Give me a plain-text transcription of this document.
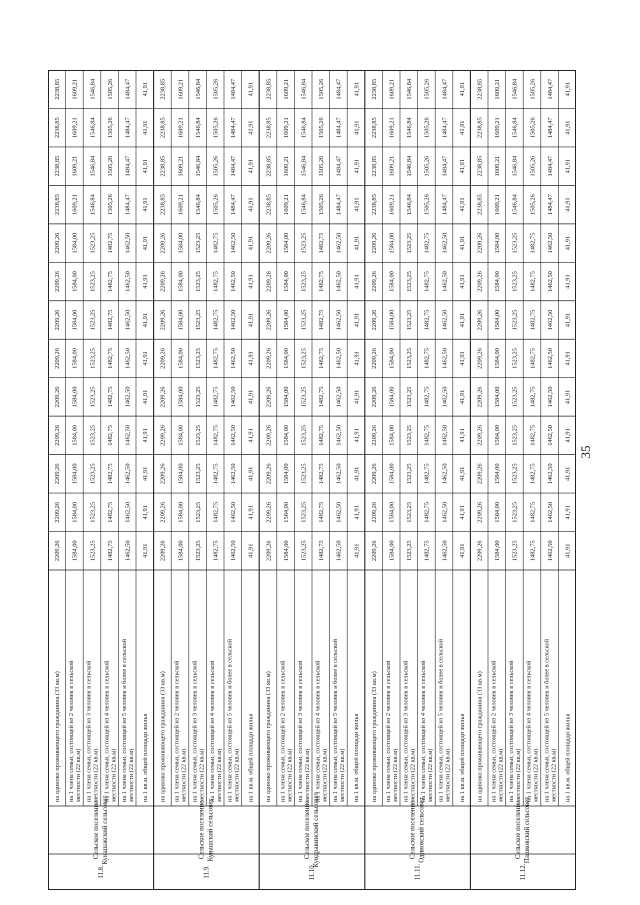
Сельское поселение Кунашакский сельсовет
11.8.
на одиноко проживающего гражданина (33 кв.м)
2209,26
2209,26
2209,26
2209,26
2209,26
2209,26
2209,26
2209,26
2209,26
2238,85
2238,85
2238,85
2238,85
на 1 члена семьи, состоящей из 2 человек в сельской местности (22 кв.м)
1584,00
1584,00
1584,00
1584,00
1584,00
1584,00
1584,00
1584,00
1584,00
1609,21
1609,21
1609,21
1609,21
на 1 члена семьи, состоящей из 3 человек в сельской местности (22 кв.м)
1523,25
1523,25
1523,25
1523,25
1523,25
1523,25
1523,25
1523,25
1523,25
1546,84
1546,84
1546,84
1546,84
на 1 члена семьи, состоящей из 4 человек в сельской местности (22 кв.м)
1482,75
1482,75
1482,75
1482,75
1482,75
1482,75
1482,75
1482,75
1482,75
1505,26
1505,26
1505,26
1505,26
на 1 члена семьи, состоящей из 5 человек и более в сельской местности (22 кв.м)
1462,50
1462,50
1462,50
1462,50
1462,50
1462,50
1462,50
1462,50
1462,50
1484,47
1484,47
1484,47
1484,47
на 1 кв.м. общей площади жилья
41,91
41,91
41,91
41,91
41,91
41,91
41,91
41,91
41,91
41,91
41,91
41,91
41,91
Сельское поселение Кунашский сельсовет
11.9.
на одиноко проживающего гражданина (33 кв.м)
2209,26
2209,26
2209,26
2209,26
2209,26
2209,26
2209,26
2209,26
2209,26
2238,85
2238,85
2238,85
2238,85
на 1 члена семьи, состоящей из 2 человек в сельской местности (22 кв.м)
1584,00
1584,00
1584,00
1584,00
1584,00
1584,00
1584,00
1584,00
1584,00
1609,21
1609,21
1609,21
1609,21
на 1 члена семьи, состоящей из 3 человек в сельской местности (22 кв.м)
1523,25
1523,25
1523,25
1523,25
1523,25
1523,25
1523,25
1523,25
1523,25
1546,84
1546,84
1546,84
1546,84
на 1 члена семьи, состоящей из 4 человек в сельской местности (22 кв.м)
1482,75
1482,75
1482,75
1482,75
1482,75
1482,75
1482,75
1482,75
1482,75
1505,26
1505,26
1505,26
1505,26
на 1 члена семьи, состоящей из 5 человек и более в сельской местности (22 кв.м)
1462,50
1462,50
1462,50
1462,50
1462,50
1462,50
1462,50
1462,50
1462,50
1484,47
1484,47
1484,47
1484,47
на 1 кв.м. общей площади жилья
41,91
41,91
41,91
41,91
41,91
41,91
41,91
41,91
41,91
41,91
41,91
41,91
41,91
Сельское поселение Кундравинский сельсовет
11.10.
на одиноко проживающего гражданина (33 кв.м)
2209,26
2209,26
2209,26
2209,26
2209,26
2209,26
2209,26
2209,26
2209,26
2238,85
2238,85
2238,85
2238,85
на 1 члена семьи, состоящей из 2 человек в сельской местности (22 кв.м)
1584,00
1584,00
1584,00
1584,00
1584,00
1584,00
1584,00
1584,00
1584,00
1609,21
1609,21
1609,21
1609,21
на 1 члена семьи, состоящей из 3 человек в сельской местности (22 кв.м)
1523,25
1523,25
1523,25
1523,25
1523,25
1523,25
1523,25
1523,25
1523,25
1546,84
1546,84
1546,84
1546,84
на 1 члена семьи, состоящей из 4 человек в сельской местности (22 кв.м)
1482,75
1482,75
1482,75
1482,75
1482,75
1482,75
1482,75
1482,75
1482,75
1505,26
1505,26
1505,26
1505,26
на 1 члена семьи, состоящей из 5 человек и более в сельской местности (22 кв.м)
1462,50
1462,50
1462,50
1462,50
1462,50
1462,50
1462,50
1462,50
1462,50
1484,47
1484,47
1484,47
1484,47
на 1 кв.м. общей площади жилья
41,91
41,91
41,91
41,91
41,91
41,91
41,91
41,91
41,91
41,91
41,91
41,91
41,91
Сельское поселение Одинокский сельсовет
11.11.
на одиноко проживающего гражданина (33 кв.м)
2209,26
2209,26
2209,26
2209,26
2209,26
2209,26
2209,26
2209,26
2209,26
2238,85
2238,85
2238,85
2238,85
на 1 члена семьи, состоящей из 2 человек в сельской местности (22 кв.м)
1584,00
1584,00
1584,00
1584,00
1584,00
1584,00
1584,00
1584,00
1584,00
1609,21
1609,21
1609,21
1609,21
на 1 члена семьи, состоящей из 3 человек в сельской местности (22 кв.м)
1523,25
1523,25
1523,25
1523,25
1523,25
1523,25
1523,25
1523,25
1523,25
1546,84
1546,84
1546,84
1546,84
на 1 члена семьи, состоящей из 4 человек в сельской местности (22 кв.м)
1482,75
1482,75
1482,75
1482,75
1482,75
1482,75
1482,75
1482,75
1482,75
1505,26
1505,26
1505,26
1505,26
на 1 члена семьи, состоящей из 5 человек и более в сельской местности (22 кв.м)
1462,50
1462,50
1462,50
1462,50
1462,50
1462,50
1462,50
1462,50
1462,50
1484,47
1484,47
1484,47
1484,47
на 1 кв.м. общей площади жилья
41,91
41,91
41,91
41,91
41,91
41,91
41,91
41,91
41,91
41,91
41,91
41,91
41,91
Сельское поселение Пашковский сельсовет
11.12.
на одиноко проживающего гражданина (33 кв.м)
2209,26
2209,26
2209,26
2209,26
2209,26
2209,26
2209,26
2209,26
2209,26
2238,85
2238,85
2238,85
2238,85
на 1 члена семьи, состоящей из 2 человек в сельской местности (22 кв.м)
1584,00
1584,00
1584,00
1584,00
1584,00
1584,00
1584,00
1584,00
1584,00
1609,21
1609,21
1609,21
1609,21
на 1 члена семьи, состоящей из 3 человек в сельской местности (22 кв.м)
1523,25
1523,25
1523,25
1523,25
1523,25
1523,25
1523,25
1523,25
1523,25
1546,84
1546,84
1546,84
1546,84
на 1 члена семьи, состоящей из 4 человек в сельской местности (22 кв.м)
1482,75
1482,75
1482,75
1482,75
1482,75
1482,75
1482,75
1482,75
1482,75
1505,26
1505,26
1505,26
1505,26
на 1 члена семьи, состоящей из 5 человек и более в сельской местности (22 кв.м)
1462,50
1462,50
1462,50
1462,50
1462,50
1462,50
1462,50
1462,50
1462,50
1484,47
1484,47
1484,47
1484,47
на 1 кв.м. общей площади жилья
41,91
41,91
41,91
41,91
41,91
41,91
41,91
41,91
41,91
41,91
41,91
41,91
41,91
35
